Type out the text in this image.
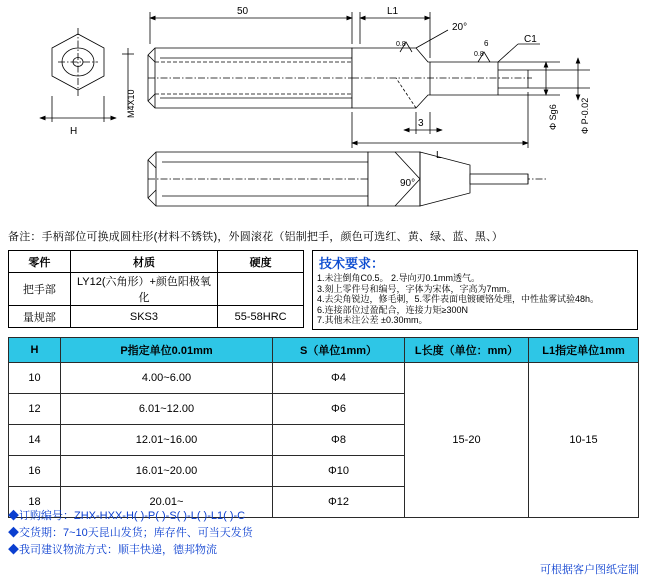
50	L1
H
3
L
20°
0.8
0.8
6	C1
90°
M4X10	Φ Sg6 Φ P-0.02
备注：手柄部位可换成圆柱形(材料不锈铁)，外圆滚花（铝制把手，颜色可选红、黄、绿、蓝、黑、）
零件	材质	硬度
把手部	LY12(六角形）+颜色阳极氧化	
量规部	SKS3	55-58HRC
技术要求：
1.未注倒角C0.5。 2.导向刃0.1mm透气。
3.刻上零件号和编号，字体为宋体，字高为7mm。
4.去尖角锐边，修毛刺，5.零件表面电镀硬铬处理，中性盐雾试验48h。
6.连接部位过盈配合，连接力矩≥300N
7.其他未注公差 ±0.30mm。
H	P指定单位0.01mm	S（单位1mm）	L长度（单位：mm）	L1指定单位1mm
10	4.00~6.00	Φ4	15-20	10-15
12	6.01~12.00	Φ6		
14	12.01~16.00	Φ8		
16	16.01~20.00	Φ10		
18	20.01~	Φ12		
◆订购编号：ZHX-HXX-H( )-P( )-S( )-L( )-L1( )-C
◆交货期：7~10天昆山发货；库存件、可当天发货
◆我司建议物流方式：顺丰快递，德邦物流
可根据客户图纸定制
